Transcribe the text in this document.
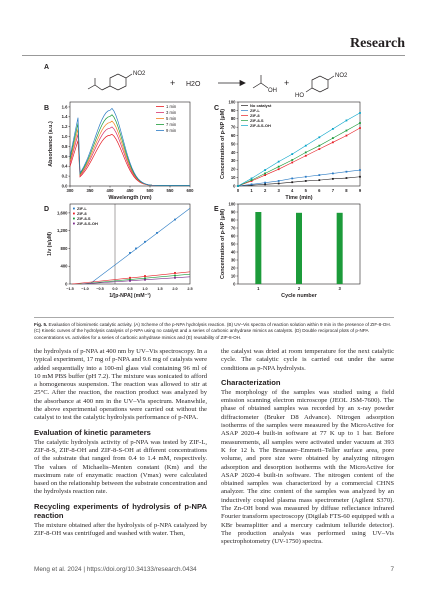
Research
A
NO2
+ H2O
OH
+
HO
NO2
B	C
D	E
300	350	400	450	500	550	600
0.0
0.2
0.4
0.6
0.8
1.0
1.2
1.4
1.6
Wavelength (nm)
Absorbance (a.u.)
1 min
3 min
5 min
7 min
9 min
0	1	2	3	4	5	6	7	8	9
0
10
20
30
40
50
60
70
80
90
100
Time (min)
Concentration of p-NP (μM)
No catalyst
ZIF-L
ZIF-8
ZIF-8-S
ZIF-8-S-OH
−1.5 −1.0 −0.5 0.0	0.5	1.0	1.5	2.0	2.5
0
400
800
1,200
1,600
1/[p-NPA] (mM⁻¹)
1/v (s/μM)
ZIF-L
ZIF-8
ZIF-8-S
ZIF-8-S-OH
0
10
20
30
40
50
60
70
80
90
100
1	2	3
Cycle number
Concentration of p-NP (μM)
Fig. 5. Evaluation of biomimetic catalytic activity. (A) Scheme of the p-NPA hydrolysis reaction. (B) UV–Vis spectra of reaction solution within 9 min in the presence of ZIF-8-OH. (C) Kinetic curves of the hydrolysis catalysis of p-NPA using no catalyst and a series of carbonic anhydrase mimics as catalysts. (D) Double reciprocal plots of p-NPA concentrations vs. activities for a series of carbonic anhydrase mimics and (E) reusability of ZIF-8-OH.

the hydrolysis of p-NPA at 400 nm by UV–Vis spectroscopy. In a typical experiment, 17 mg of p-NPA and 9.6 mg of catalysts were added sequentially into a 100-ml glass vial containing 96 ml of 10 mM PBS buffer (pH 7.2). The mixture was sonicated to afford a homogeneous suspension. The reaction was allowed to stir at 25°C. After the reaction, the reaction product was analyzed by the absorbance at 400 nm in the UV–Vis spectrum. Meanwhile, the above experimental operations were carried out without the catalyst to test the catalytic hydrolysis performance of p-NPA.

Evaluation of kinetic parameters

The catalytic hydrolysis activity of p-NPA was tested by ZIF-L, ZIF-8-S, ZIF-8-OH and ZIF-8-S-OH at different concentrations of the substrate that ranged from 0.4 to 1.4 mM, respectively. The values of Michaelis–Menten constant (Km) and the maximum rate of enzymatic reaction (Vmax) were calculated based on the relationship between the substrate concentration and the hydrolysis reaction rate.

Recycling experiments of hydrolysis of p-NPA reaction

The mixture obtained after the hydrolysis of p-NPA catalyzed by ZIF-8-OH was centrifuged and washed with water. Then,

the catalyst was dried at room temperature for the next catalytic cycle. The catalytic cycle is carried out under the same conditions as p-NPA hydrolysis.

Characterization

The morphology of the samples was studied using a field emission scanning electron microscope (JEOL JSM-7600). The phase of obtained samples was recorded by an x-ray powder diffractometer (Bruker D8 Advance). Nitrogen adsorption isotherms of the samples were measured by the MicroActive for ASAP 2020-4 built-in software at 77 K up to 1 bar. Before measurements, all samples were activated under vacuum at 393 K for 12 h. The Brunauer–Emmett–Teller surface area, pore volume, and pore size were obtained by analyzing nitrogen adsorption and desorption isotherms with the MicroActive for ASAP 2020-4 built-in software. The nitrogen content of the obtained samples was characterized by a commercial CHNS analyzer. The zinc content of the samples was analyzed by an inductively coupled plasma mass spectrometer (Agilent S370). The Zn-OH bond was measured by diffuse reflectance infrared Fourier transform spectroscopy (Digilab FTS-60 equipped with a KBr beamsplitter and a mercury cadmium telluride detector). The production analysis was performed using UV–Vis spectrophotometry (UV-1750) spectra.

Meng et al. 2024 | https://doi.org/10.34133/research.0434	7
